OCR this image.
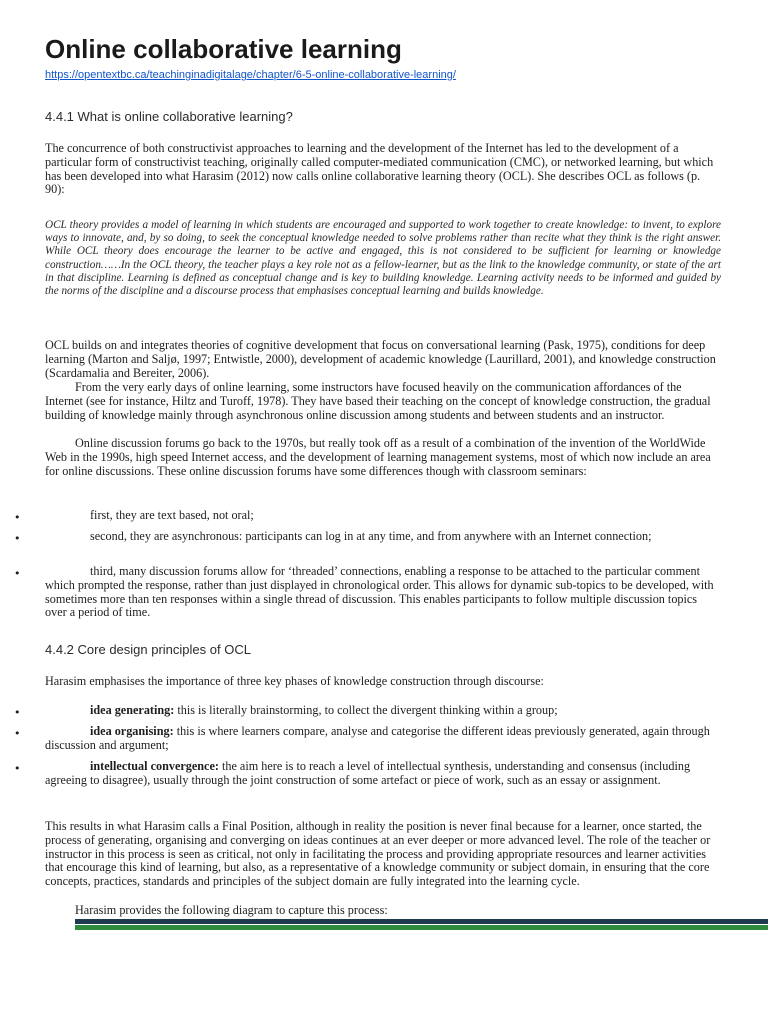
Online collaborative learning
https://opentextbc.ca/teachinginadigitalage/chapter/6-5-online-collaborative-learning/
4.4.1 What is online collaborative learning?

The concurrence of both constructivist approaches to learning and the development of the Internet has led to the development of a particular form of constructivist teaching, originally called computer-mediated communication (CMC), or networked learning, but which has been developed into what Harasim (2012) now calls online collaborative learning theory (OCL). She describes OCL as follows (p. 90):

OCL theory provides a model of learning in which students are encouraged and supported to work together to create knowledge: to invent, to explore ways to innovate, and, by so doing, to seek the conceptual knowledge needed to solve problems rather than recite what they think is the right answer. While OCL theory does encourage the learner to be active and engaged, this is not considered to be sufficient for learning or knowledge construction……In the OCL theory, the teacher plays a key role not as a fellow-learner, but as the link to the knowledge community, or state of the art in that discipline. Learning is defined as conceptual change and is key to building knowledge. Learning activity needs to be informed and guided by the norms of the discipline and a discourse process that emphasises conceptual learning and builds knowledge.

OCL builds on and integrates theories of cognitive development that focus on conversational learning (Pask, 1975), conditions for deep learning (Marton and Saljø, 1997; Entwistle, 2000), development of academic knowledge (Laurillard, 2001), and knowledge construction (Scardamalia and Bereiter, 2006).

From the very early days of online learning, some instructors have focused heavily on the communication affordances of the Internet (see for instance, Hiltz and Turoff, 1978). They have based their teaching on the concept of knowledge construction, the gradual building of knowledge mainly through asynchronous online discussion among students and between students and an instructor.

Online discussion forums go back to the 1970s, but really took off as a result of a combination of the invention of the WorldWide Web in the 1990s, high speed Internet access, and the development of learning management systems, most of which now include an area for online discussions. These online discussion forums have some differences though with classroom seminars:

•	first, they are text based, not oral;

•	second, they are asynchronous: participants can log in at any time, and from anywhere with an Internet connection;

•	third, many discussion forums allow for ‘threaded’ connections, enabling a response to be attached to the particular comment which prompted the response, rather than just displayed in chronological order. This allows for dynamic sub-topics to be developed, with sometimes more than ten responses within a single thread of discussion. This enables participants to follow multiple discussion topics over a period of time.

4.4.2 Core design principles of OCL

Harasim emphasises the importance of three key phases of knowledge construction through discourse:

•	idea generating: this is literally brainstorming, to collect the divergent thinking within a group;

•	idea organising: this is where learners compare, analyse and categorise the different ideas previously generated, again through discussion and argument;

•	intellectual convergence: the aim here is to reach a level of intellectual synthesis, understanding and consensus (including agreeing to disagree), usually through the joint construction of some artefact or piece of work, such as an essay or assignment.

This results in what Harasim calls a Final Position, although in reality the position is never final because for a learner, once started, the process of generating, organising and converging on ideas continues at an ever deeper or more advanced level. The role of the teacher or instructor in this process is seen as critical, not only in facilitating the process and providing appropriate resources and learner activities that encourage this kind of learning, but also, as a representative of a knowledge community or subject domain, in ensuring that the core concepts, practices, standards and principles of the subject domain are fully integrated into the learning cycle.

Harasim provides the following diagram to capture this process:
